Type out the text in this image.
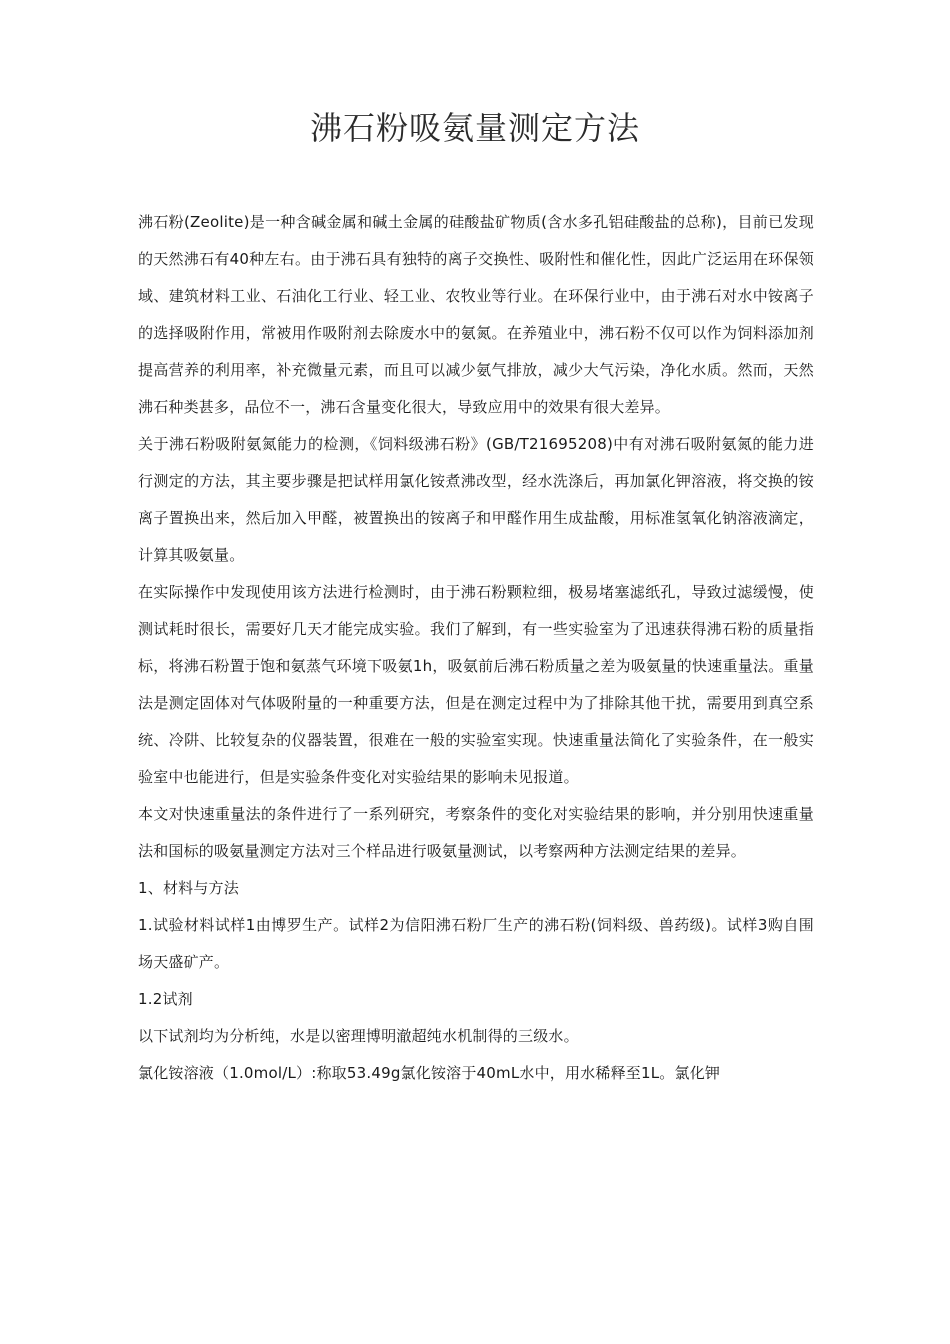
沸石粉吸氨量测定方法

沸石粉(Zeolite)是一种含碱金属和碱土金属的硅酸盐矿物质(含水多孔铝硅酸盐的总称)，目前已发现的天然沸石有40种左右。由于沸石具有独特的离子交换性、吸附性和催化性，因此广泛运用在环保领域、建筑材料工业、石油化工行业、轻工业、农牧业等行业。在环保行业中，由于沸石对水中铵离子的选择吸附作用，常被用作吸附剂去除废水中的氨氮。在养殖业中，沸石粉不仅可以作为饲料添加剂提高营养的利用率，补充微量元素，而且可以减少氨气排放，减少大气污染，净化水质。然而，天然沸石种类甚多，品位不一，沸石含量变化很大，导致应用中的效果有很大差异。

关于沸石粉吸附氨氮能力的检测，《饲料级沸石粉》(GB/T21695208)中有对沸石吸附氨氮的能力进行测定的方法，其主要步骤是把试样用氯化铵煮沸改型，经水洗涤后，再加氯化钾溶液，将交换的铵离子置换出来，然后加入甲醛，被置换出的铵离子和甲醛作用生成盐酸，用标准氢氧化钠溶液滴定，计算其吸氨量。

在实际操作中发现使用该方法进行检测时，由于沸石粉颗粒细，极易堵塞滤纸孔，导致过滤缓慢，使测试耗时很长，需要好几天才能完成实验。我们了解到，有一些实验室为了迅速获得沸石粉的质量指标，将沸石粉置于饱和氨蒸气环境下吸氨1h，吸氨前后沸石粉质量之差为吸氨量的快速重量法。重量法是测定固体对气体吸附量的一种重要方法，但是在测定过程中为了排除其他干扰，需要用到真空系统、冷阱、比较复杂的仪器装置，很难在一般的实验室实现。快速重量法简化了实验条件，在一般实验室中也能进行，但是实验条件变化对实验结果的影响未见报道。

本文对快速重量法的条件进行了一系列研究，考察条件的变化对实验结果的影响，并分别用快速重量法和国标的吸氨量测定方法对三个样品进行吸氨量测试，以考察两种方法测定结果的差异。

1、材料与方法

1.试验材料试样1由博罗生产。试样2为信阳沸石粉厂生产的沸石粉(饲料级、兽药级)。试样3购自围场天盛矿产。

1.2试剂

以下试剂均为分析纯，水是以密理博明澈超纯水机制得的三级水。

氯化铵溶液（1.0mol/L）:称取53.49g氯化铵溶于40mL水中，用水稀释至1L。氯化钾
